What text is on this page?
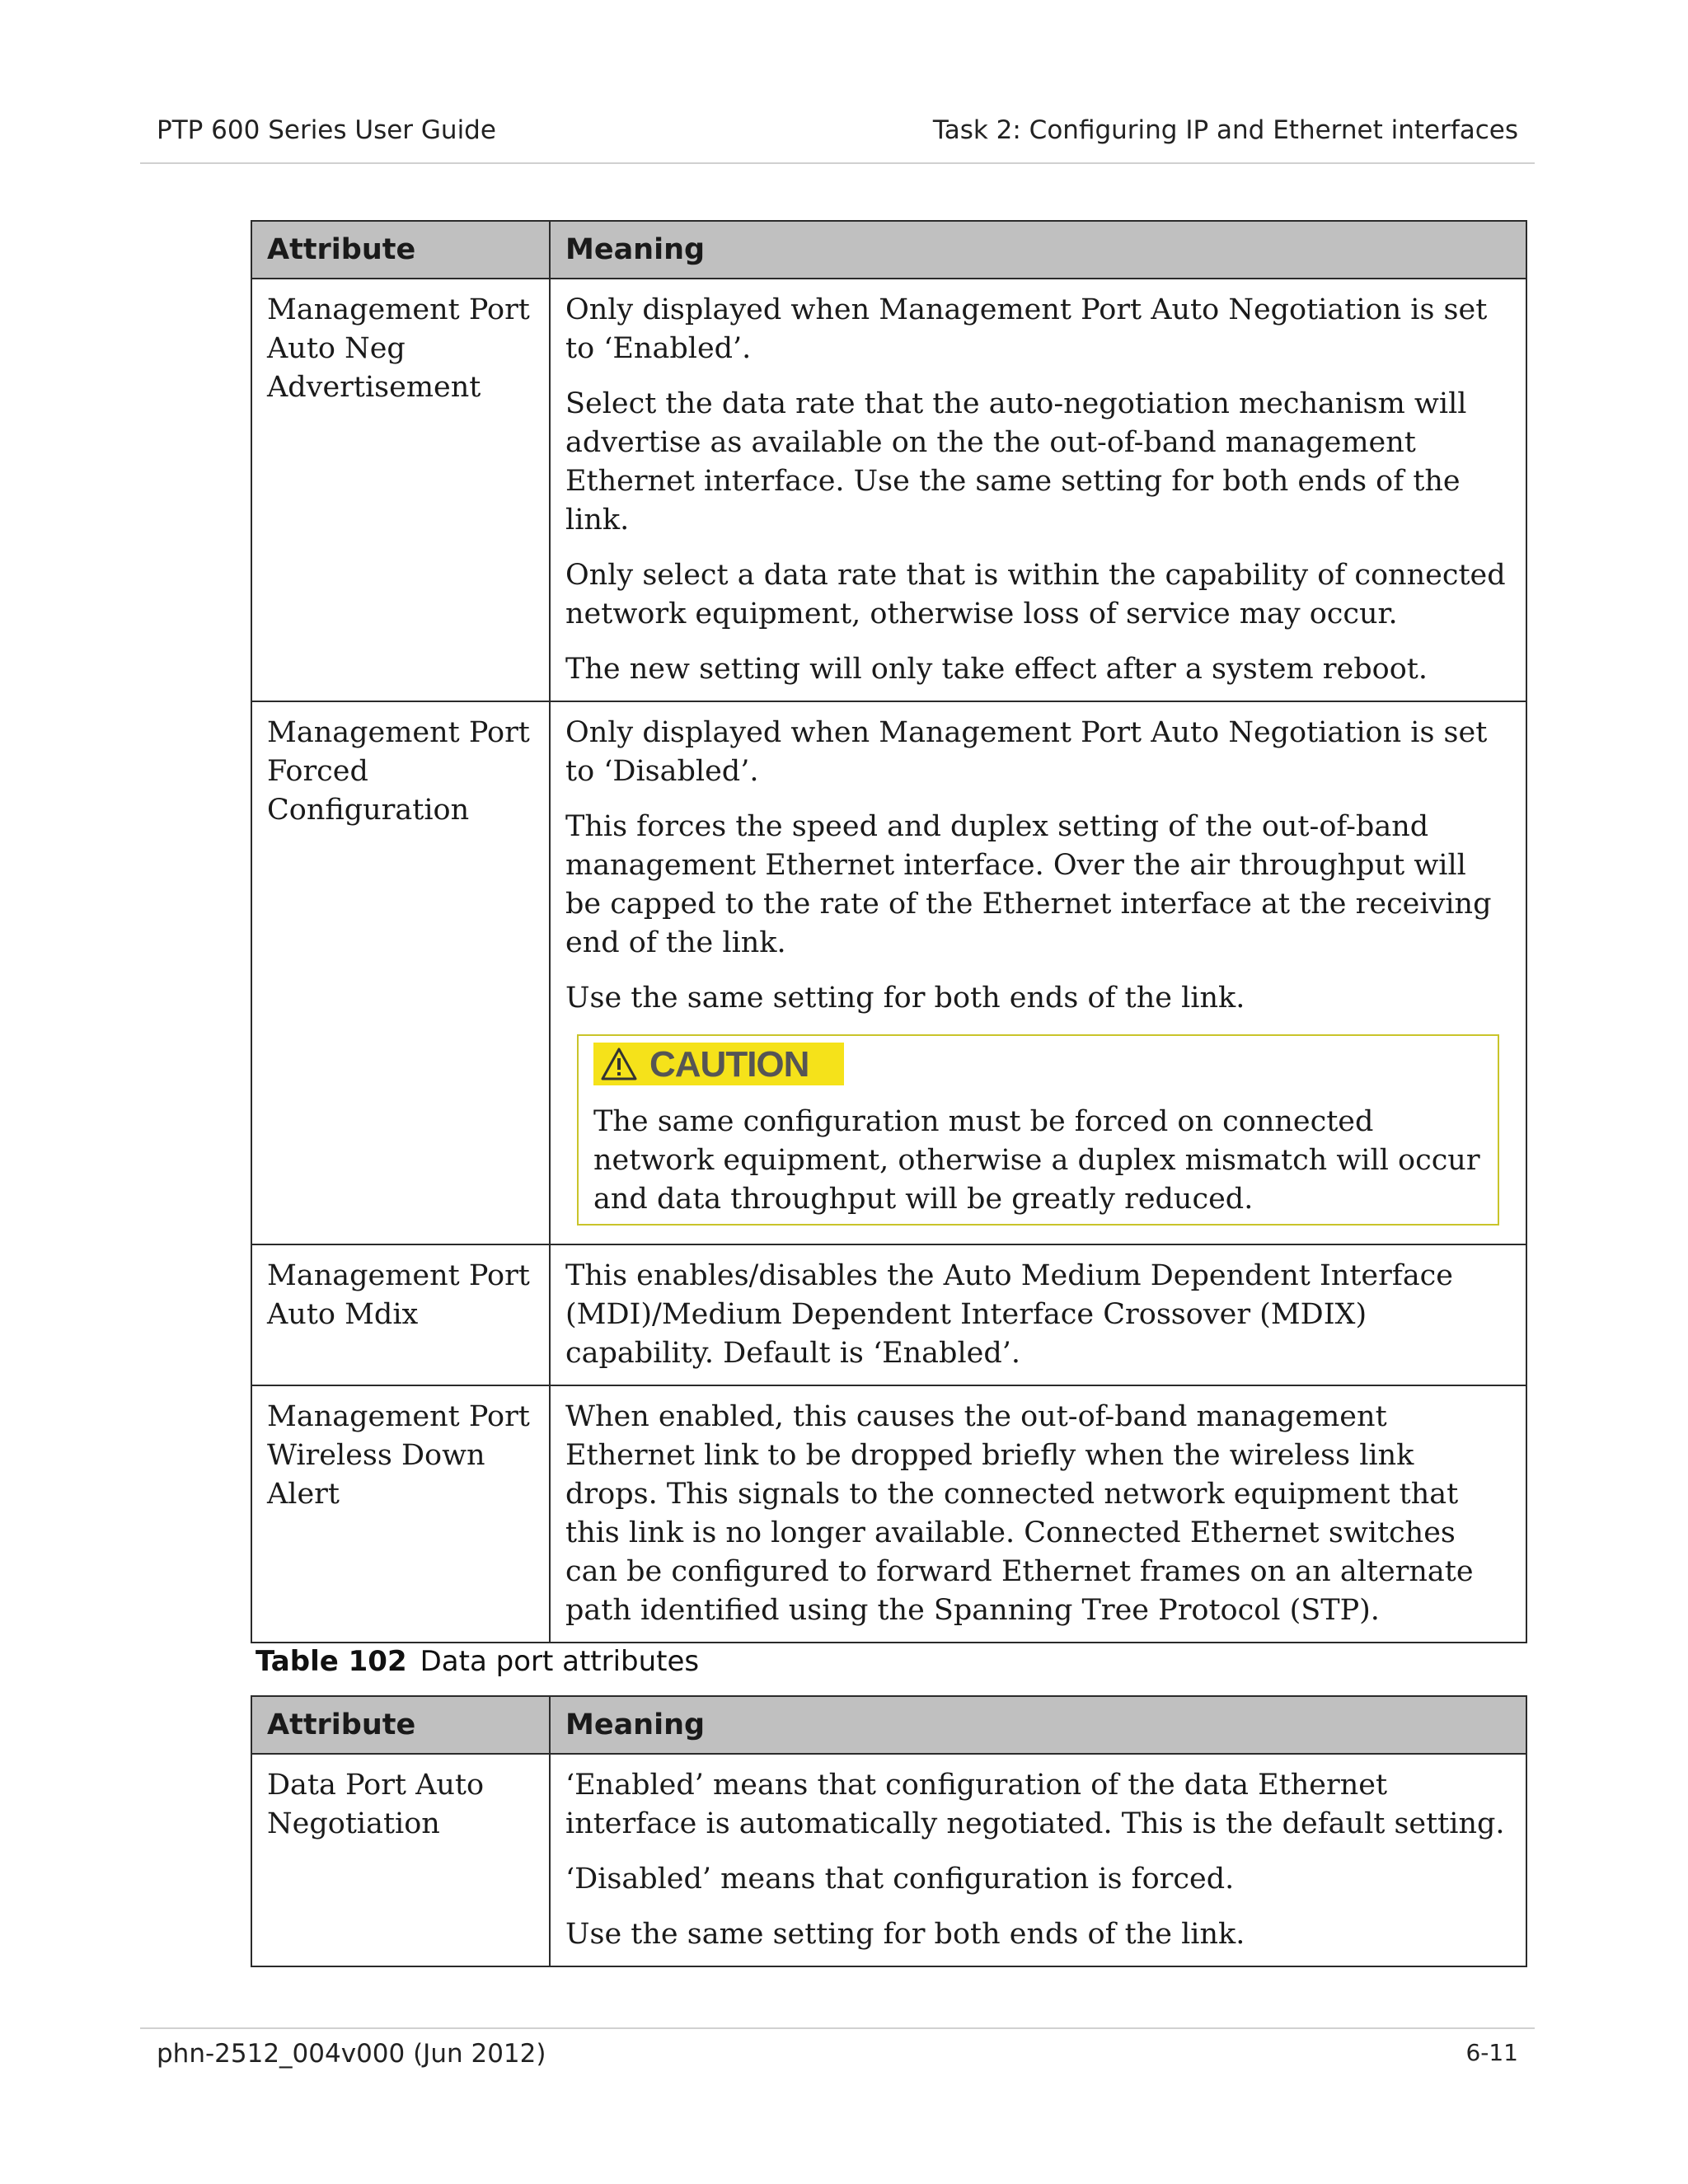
PTP 600 Series User Guide	Task 2: Configuring IP and Ethernet interfaces
Attribute	Meaning
Management Port Auto Neg Advertisement	Only displayed when Management Port Auto Negotiation is set to ‘Enabled’.

Select the data rate that the auto-negotiation mechanism will advertise as available on the the out-of-band management Ethernet interface. Use the same setting for both ends of the link.

Only select a data rate that is within the capability of connected network equipment, otherwise loss of service may occur.

The new setting will only take effect after a system reboot.

Management Port Forced Configuration	Only displayed when Management Port Auto Negotiation is set to ‘Disabled’.

This forces the speed and duplex setting of the out-of-band management Ethernet interface. Over the air throughput will be capped to the rate of the Ethernet interface at the receiving end of the link.

Use the same setting for both ends of the link.

CAUTION

The same configuration must be forced on connected network equipment, otherwise a duplex mismatch will occur and data throughput will be greatly reduced.

Management Port Auto Mdix	This enables/disables the Auto Medium Dependent Interface (MDI)/Medium Dependent Interface Crossover (MDIX) capability. Default is ‘Enabled’.

Management Port Wireless Down Alert	When enabled, this causes the out-of-band management Ethernet link to be dropped briefly when the wireless link drops. This signals to the connected network equipment that this link is no longer available. Connected Ethernet switches can be configured to forward Ethernet frames on an alternate path identified using the Spanning Tree Protocol (STP).

Table 102 Data port attributes
Attribute	Meaning
Data Port Auto Negotiation	‘Enabled’ means that configuration of the data Ethernet interface is automatically negotiated. This is the default setting.

‘Disabled’ means that configuration is forced.

Use the same setting for both ends of the link.

phn-2512_004v000 (Jun 2012)	6-11
